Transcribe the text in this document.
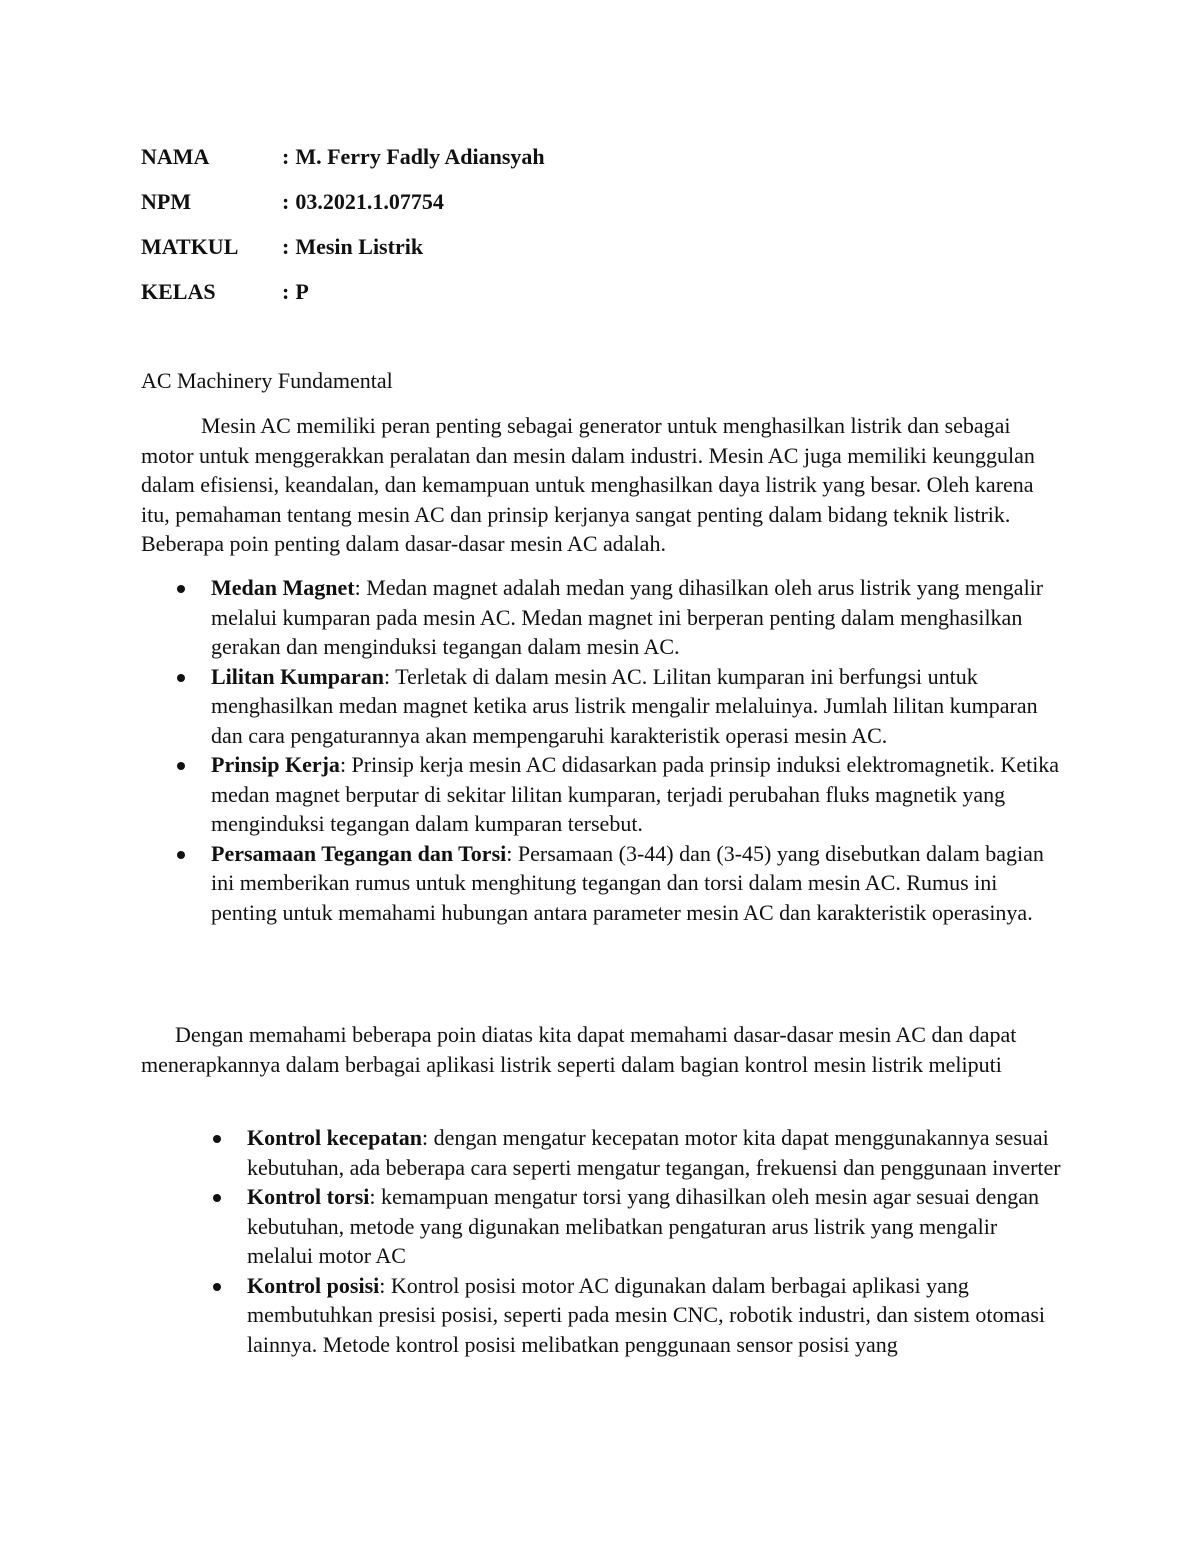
NAMA	: M. Ferry Fadly Adiansyah
NPM	: 03.2021.1.07754
MATKUL	: Mesin Listrik
KELAS	: P
AC Machinery Fundamental

Mesin AC memiliki peran penting sebagai generator untuk menghasilkan listrik dan sebagai motor untuk menggerakkan peralatan dan mesin dalam industri. Mesin AC juga memiliki keunggulan dalam efisiensi, keandalan, dan kemampuan untuk menghasilkan daya listrik yang besar. Oleh karena itu, pemahaman tentang mesin AC dan prinsip kerjanya sangat penting dalam bidang teknik listrik. Beberapa poin penting dalam dasar-dasar mesin AC adalah.

Medan Magnet: Medan magnet adalah medan yang dihasilkan oleh arus listrik yang mengalir melalui kumparan pada mesin AC. Medan magnet ini berperan penting dalam menghasilkan gerakan dan menginduksi tegangan dalam mesin AC.
Lilitan Kumparan: Terletak di dalam mesin AC. Lilitan kumparan ini berfungsi untuk menghasilkan medan magnet ketika arus listrik mengalir melaluinya. Jumlah lilitan kumparan dan cara pengaturannya akan mempengaruhi karakteristik operasi mesin AC.
Prinsip Kerja: Prinsip kerja mesin AC didasarkan pada prinsip induksi elektromagnetik. Ketika medan magnet berputar di sekitar lilitan kumparan, terjadi perubahan fluks magnetik yang menginduksi tegangan dalam kumparan tersebut.
Persamaan Tegangan dan Torsi: Persamaan (3-44) dan (3-45) yang disebutkan dalam bagian ini memberikan rumus untuk menghitung tegangan dan torsi dalam mesin AC. Rumus ini penting untuk memahami hubungan antara parameter mesin AC dan karakteristik operasinya.

Dengan memahami beberapa poin diatas kita dapat memahami dasar-dasar mesin AC dan dapat menerapkannya dalam berbagai aplikasi listrik seperti dalam bagian kontrol mesin listrik meliputi

Kontrol kecepatan: dengan mengatur kecepatan motor kita dapat menggunakannya sesuai kebutuhan, ada beberapa cara seperti mengatur tegangan, frekuensi dan penggunaan inverter
Kontrol torsi: kemampuan mengatur torsi yang dihasilkan oleh mesin agar sesuai dengan kebutuhan, metode yang digunakan melibatkan pengaturan arus listrik yang mengalir melalui motor AC
Kontrol posisi: Kontrol posisi motor AC digunakan dalam berbagai aplikasi yang membutuhkan presisi posisi, seperti pada mesin CNC, robotik industri, dan sistem otomasi lainnya. Metode kontrol posisi melibatkan penggunaan sensor posisi yang
